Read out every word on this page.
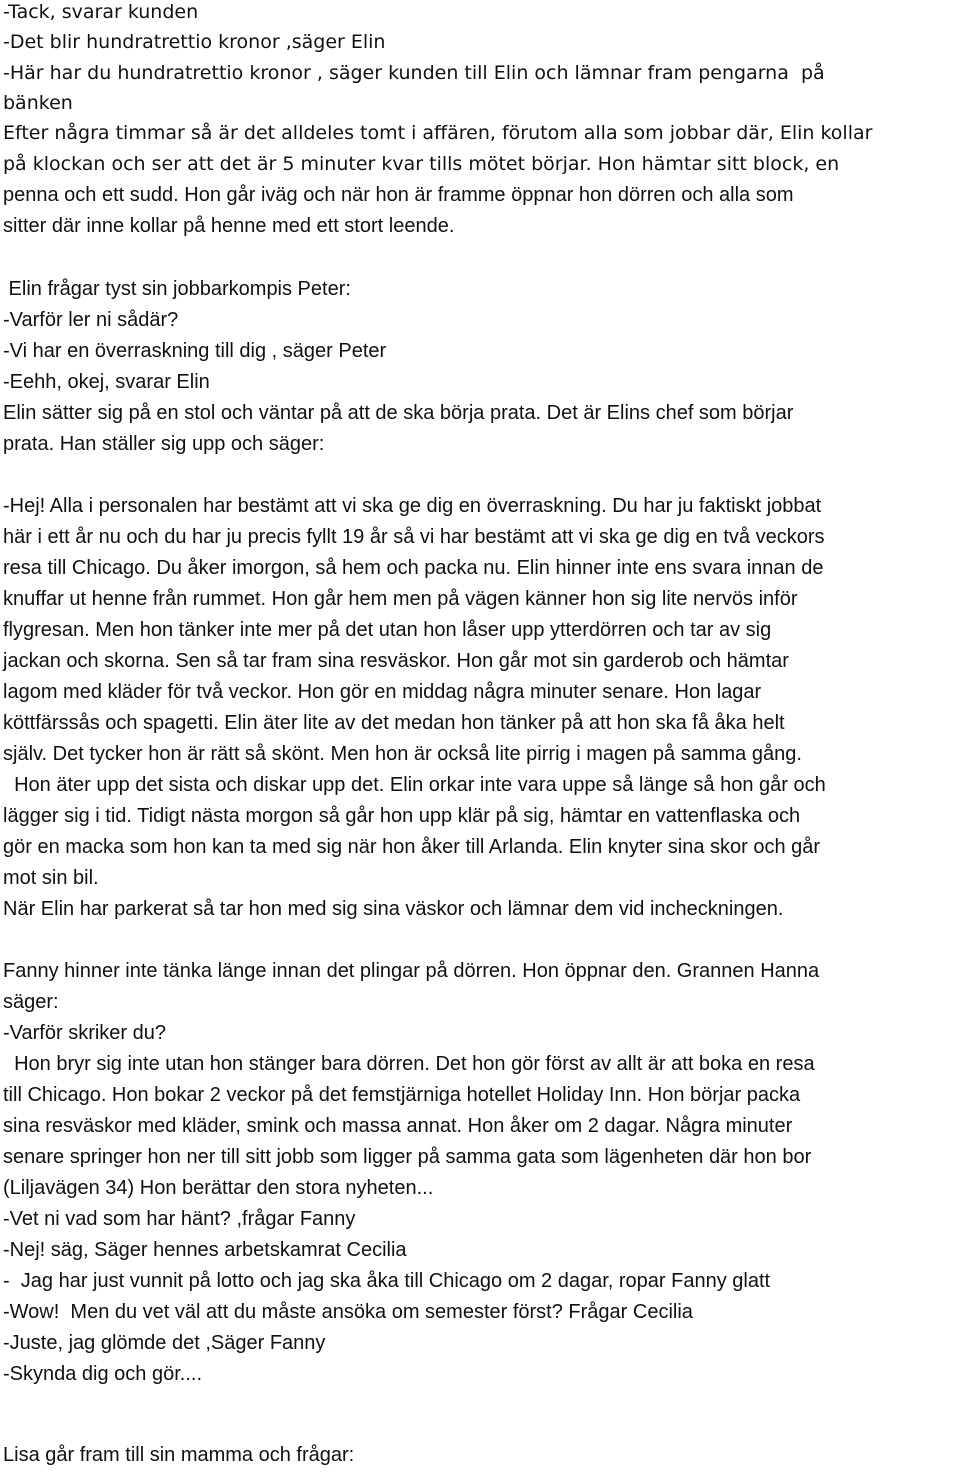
-Tack, svarar kunden

-Det blir hundratrettio kronor ,säger Elin

-Här har du hundratrettio kronor , säger kunden till Elin och lämnar fram pengarna  på

bänken

Efter några timmar så är det alldeles tomt i affären, förutom alla som jobbar där, Elin kollar

på klockan och ser att det är 5 minuter kvar tills mötet börjar. Hon hämtar sitt block, en

penna och ett sudd. Hon går iväg och när hon är framme öppnar hon dörren och alla som

sitter där inne kollar på henne med ett stort leende.

Elin frågar tyst sin jobbarkompis Peter:

-Varför ler ni sådär?

-Vi har en överraskning till dig , säger Peter

-Eehh, okej, svarar Elin

Elin sätter sig på en stol och väntar på att de ska börja prata. Det är Elins chef som börjar

prata. Han ställer sig upp och säger:

-Hej! Alla i personalen har bestämt att vi ska ge dig en överraskning. Du har ju faktiskt jobbat

här i ett år nu och du har ju precis fyllt 19 år så vi har bestämt att vi ska ge dig en två veckors

resa till Chicago. Du åker imorgon, så hem och packa nu. Elin hinner inte ens svara innan de

knuffar ut henne från rummet. Hon går hem men på vägen känner hon sig lite nervös inför

flygresan. Men hon tänker inte mer på det utan hon låser upp ytterdörren och tar av sig

jackan och skorna. Sen så tar fram sina resväskor. Hon går mot sin garderob och hämtar

lagom med kläder för två veckor. Hon gör en middag några minuter senare. Hon lagar

köttfärssås och spagetti. Elin äter lite av det medan hon tänker på att hon ska få åka helt

själv. Det tycker hon är rätt så skönt. Men hon är också lite pirrig i magen på samma gång.

Hon äter upp det sista och diskar upp det. Elin orkar inte vara uppe så länge så hon går och

lägger sig i tid. Tidigt nästa morgon så går hon upp klär på sig, hämtar en vattenflaska och

gör en macka som hon kan ta med sig när hon åker till Arlanda. Elin knyter sina skor och går

mot sin bil.

När Elin har parkerat så tar hon med sig sina väskor och lämnar dem vid incheckningen.

Fanny hinner inte tänka länge innan det plingar på dörren. Hon öppnar den. Grannen Hanna

säger:

-Varför skriker du?

Hon bryr sig inte utan hon stänger bara dörren. Det hon gör först av allt är att boka en resa

till Chicago. Hon bokar 2 veckor på det femstjärniga hotellet Holiday Inn. Hon börjar packa

sina resväskor med kläder, smink och massa annat. Hon åker om 2 dagar. Några minuter

senare springer hon ner till sitt jobb som ligger på samma gata som lägenheten där hon bor

(Liljavägen 34) Hon berättar den stora nyheten...

-Vet ni vad som har hänt? ,frågar Fanny

-Nej! säg, Säger hennes arbetskamrat Cecilia

-  Jag har just vunnit på lotto och jag ska åka till Chicago om 2 dagar, ropar Fanny glatt

-Wow!  Men du vet väl att du måste ansöka om semester först? Frågar Cecilia

-Juste, jag glömde det ,Säger Fanny

-Skynda dig och gör....

Lisa går fram till sin mamma och frågar:
